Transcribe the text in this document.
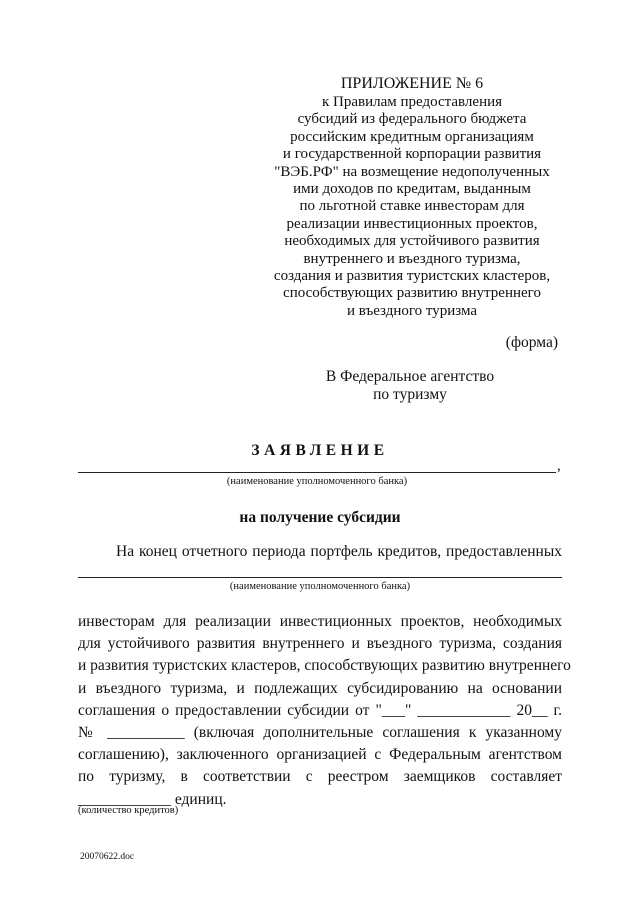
ПРИЛОЖЕНИЕ № 6
к Правилам предоставления
субсидий из федерального бюджета
российским кредитным организациям
и государственной корпорации развития
"ВЭБ.РФ" на возмещение недополученных
ими доходов по кредитам, выданным
по льготной ставке инвесторам для
реализации инвестиционных проектов,
необходимых для устойчивого развития
внутреннего и въездного туризма,
создания и развития туристских кластеров,
способствующих развитию внутреннего
и въездного туризма
(форма)
В Федеральное агентство
по туризму
ЗАЯВЛЕНИЕ
,
(наименование уполномоченного банка)
на получение субсидии
На конец отчетного периода портфель кредитов, предоставленных
(наименование уполномоченного банка)
инвесторам для реализации инвестиционных проектов, необходимых
для устойчивого развития внутреннего и въездного туризма, создания
и развития туристских кластеров, способствующих развитию внутреннего
и въездного туризма, и подлежащих субсидированию на основании
соглашения о предоставлении субсидии от "___" ____________ 20__ г.
№ __________ (включая дополнительные соглашения к указанному
соглашению), заключенного организацией с Федеральным агентством
по туризму, в соответствии с реестром заемщиков составляет
____________ единиц.
(количество кредитов)
20070622.doc
